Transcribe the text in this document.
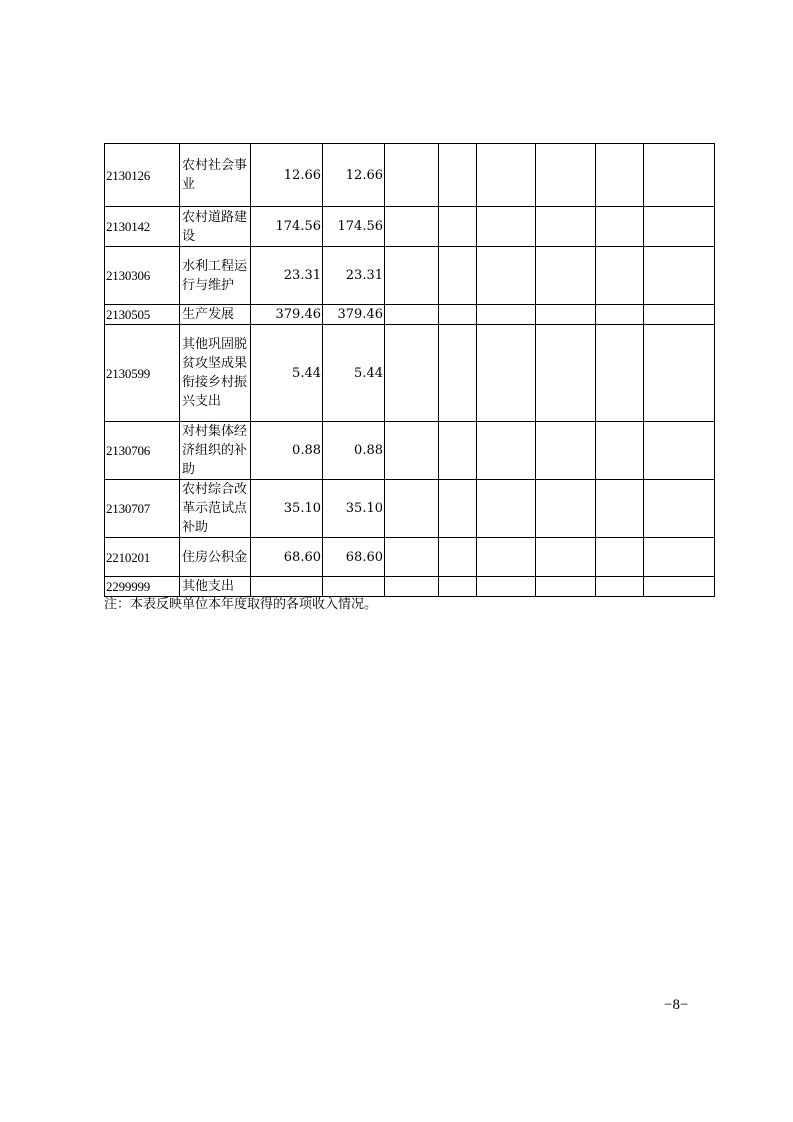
2130126	农村社会事业	12.66	12.66						
2130142	农村道路建设	174.56	174.56						
2130306	水利工程运行与维护	23.31	23.31						
2130505	生产发展	379.46	379.46						
2130599	其他巩固脱贫攻坚成果衔接乡村振兴支出	5.44	5.44						
2130706	对村集体经济组织的补助	0.88	0.88						
2130707	农村综合改革示范试点补助	35.10	35.10						
2210201	住房公积金	68.60	68.60						
2299999	其他支出								
注：本表反映单位本年度取得的各项收入情况。
−8−
